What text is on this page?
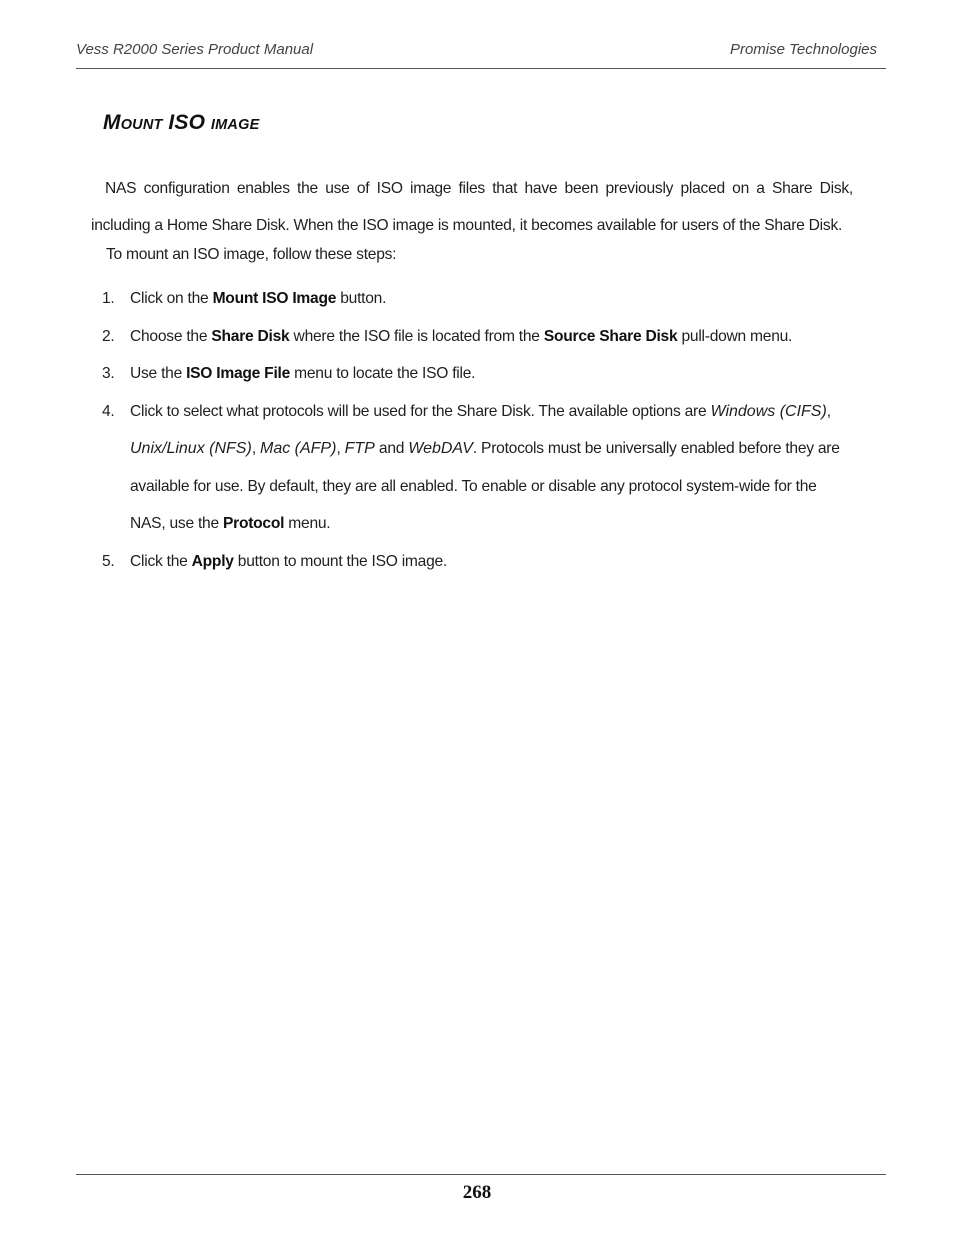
Vess R2000 Series Product Manual	Promise Technologies
MOUNT ISO IMAGE
NAS configuration enables the use of ISO image files that have been previously placed on a Share Disk, including a Home Share Disk. When the ISO image is mounted, it becomes available for users of the Share Disk.
To mount an ISO image, follow these steps:
1. Click on the Mount ISO Image button.
2. Choose the Share Disk where the ISO file is located from the Source Share Disk pull-down menu.
3. Use the ISO Image File menu to locate the ISO file.
4. Click to select what protocols will be used for the Share Disk. The available options are Windows (CIFS), Unix/Linux (NFS), Mac (AFP), FTP and WebDAV. Protocols must be universally enabled before they are available for use. By default, they are all enabled. To enable or disable any protocol system-wide for the NAS, use the Protocol menu.
5. Click the Apply button to mount the ISO image.
268
